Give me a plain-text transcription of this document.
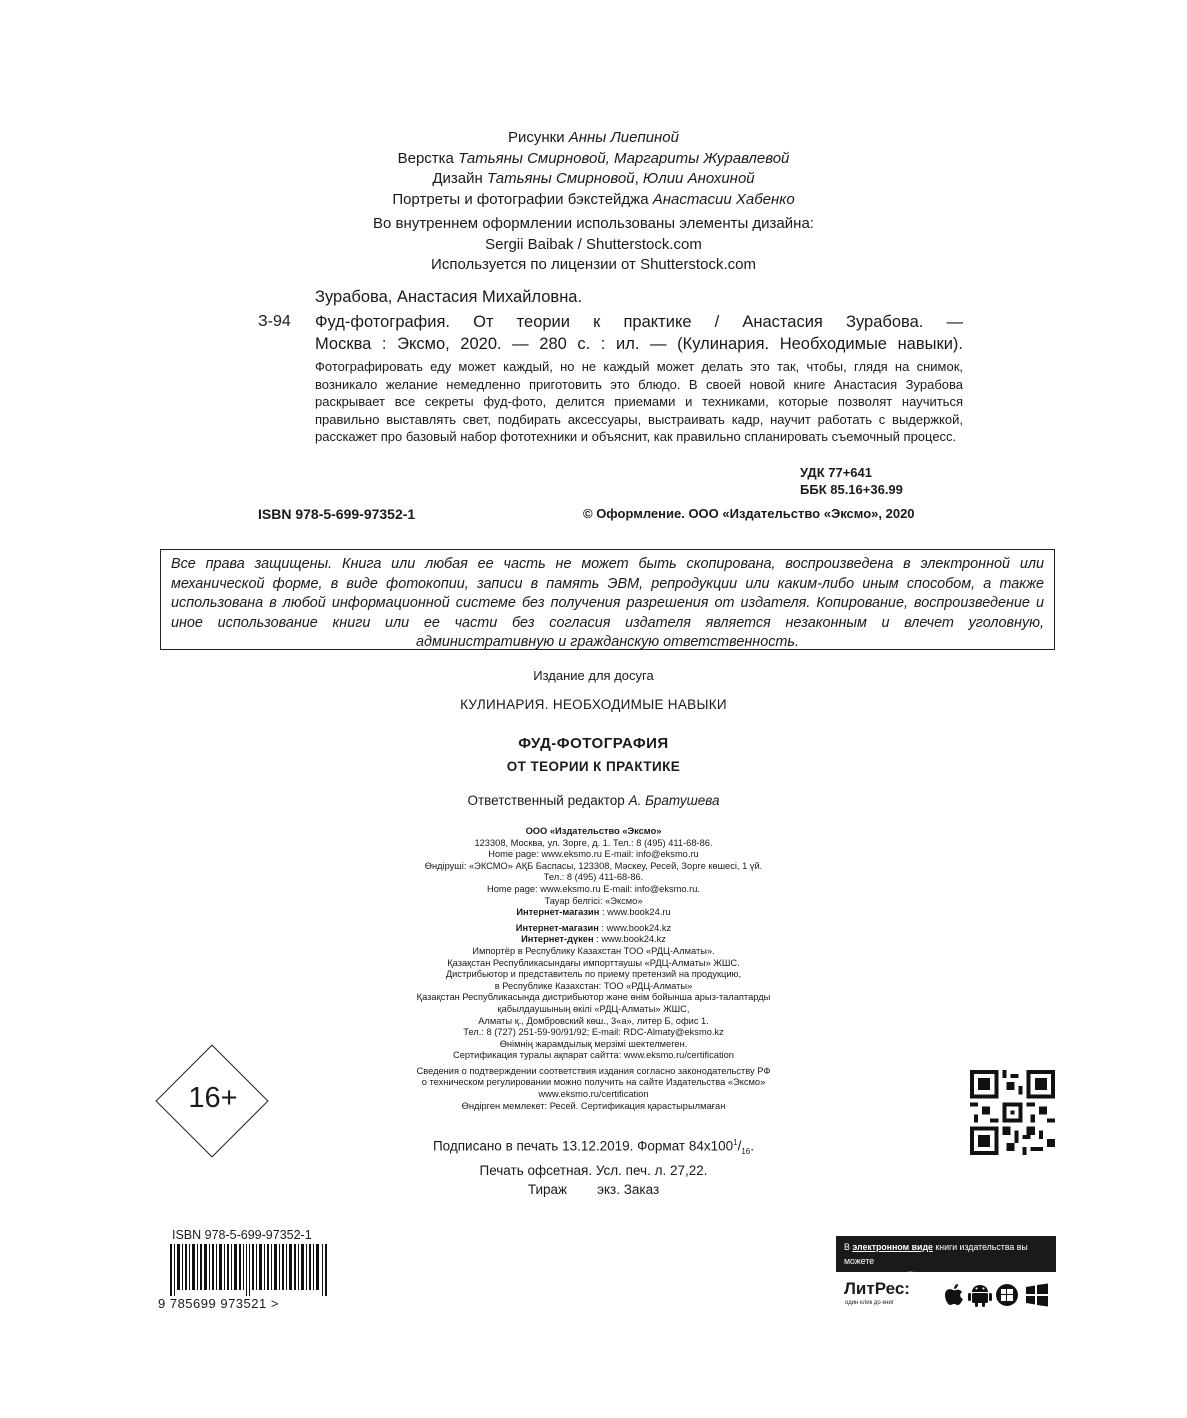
Рисунки Анны Лиепиной
Верстка Татьяны Смирновой, Маргариты Журавлевой
Дизайн Татьяны Смирновой, Юлии Анохиной
Портреты и фотографии бэкстейджа Анастасии Хабенко
Во внутреннем оформлении использованы элементы дизайна:
Sergii Baibak / Shutterstock.com
Используется по лицензии от Shutterstock.com
Зурабова, Анастасия Михайловна.
З-94 Фуд-фотография. От теории к практике / Анастасия Зурабова. —
Москва : Эксмо, 2020. — 280 с. : ил. — (Кулинария. Необходимые навыки).
Фотографировать еду может каждый, но не каждый может делать это так, чтобы, глядя на снимок, возникало желание немедленно приготовить это блюдо. В своей новой книге Анастасия Зурабова раскрывает все секреты фуд-фото, делится приемами и техниками, которые позволят научиться правильно выставлять свет, подбирать аксессуары, выстраивать кадр, научит работать с выдержкой, расскажет про базовый набор фототехники и объяснит, как правильно спланировать съемочный процесс.
УДК 77+641
ББК 85.16+36.99
ISBN 978-5-699-97352-1	© Оформление. ООО «Издательство «Эксмо», 2020
Все права защищены. Книга или любая ее часть не может быть скопирована, воспроизведена в электронной или механической форме, в виде фотокопии, записи в память ЭВМ, репродукции или каким-либо иным способом, а также использована в любой информационной системе без получения разрешения от издателя. Копирование, воспроизведение и иное использование книги или ее части без согласия издателя является незаконным и влечет уголовную, административную и гражданскую ответственность.
Издание для досуга
КУЛИНАРИЯ. НЕОБХОДИМЫЕ НАВЫКИ
ФУД-ФОТОГРАФИЯ
ОТ ТЕОРИИ К ПРАКТИКЕ
Ответственный редактор А. Братушева
ООО «Издательство «Эксмо»
123308, Москва, ул. Зорге, д. 1. Тел.: 8 (495) 411-68-86.
Home page: www.eksmo.ru E-mail: info@eksmo.ru
Өндіруші: «ЭКСМО» АҚБ Баспасы, 123308, Мәскеу, Ресей, Зорге көшесі, 1 үй.
Тел.: 8 (495) 411-68-86.
Home page: www.eksmo.ru E-mail: info@eksmo.ru.
Тауар белгісі: «Эксмо»
Интернет-магазин : www.book24.ru
Интернет-магазин : www.book24.kz
Интернет-дүкен : www.book24.kz
Импортёр в Республику Казахстан ТОО «РДЦ-Алматы».
Қазақстан Республикасындағы импорттаушы «РДЦ-Алматы» ЖШС.
Дистрибьютор и представитель по приему претензий на продукцию,
в Республике Казахстан: ТОО «РДЦ-Алматы»
Қазақстан Республикасында дистрибьютор және өнім бойынша арыз-талаптарды
қабылдаушының өкілі «РДЦ-Алматы» ЖШС,
Алматы қ., Домбровский көш., 3«а», литер Б, офис 1.
Тел.: 8 (727) 251-59-90/91/92; E-mail: RDC-Almaty@eksmo.kz
Өнімнің жарамдылық мерзімі шектелмеген.
Сертификация туралы ақпарат сайтта: www.eksmo.ru/certification
Сведения о подтверждении соответствия издания согласно законодательству РФ
о техническом регулировании можно получить на сайте Издательства «Эксмо»
www.eksmo.ru/certification
Өндірген мемлекет: Ресей. Сертификация қарастырылмаған
Подписано в печать 13.12.2019. Формат $84x100^1/_{16}$.
Печать офсетная. Усл. печ. л. 27,22.
Тираж        экз. Заказ
16+
ISBN 978-5-699-97352-1
9 785699 973521 >
В электронном виде книги издательства вы можете
купить на www.litres.ru
ЛитРес:
один клик до книг
